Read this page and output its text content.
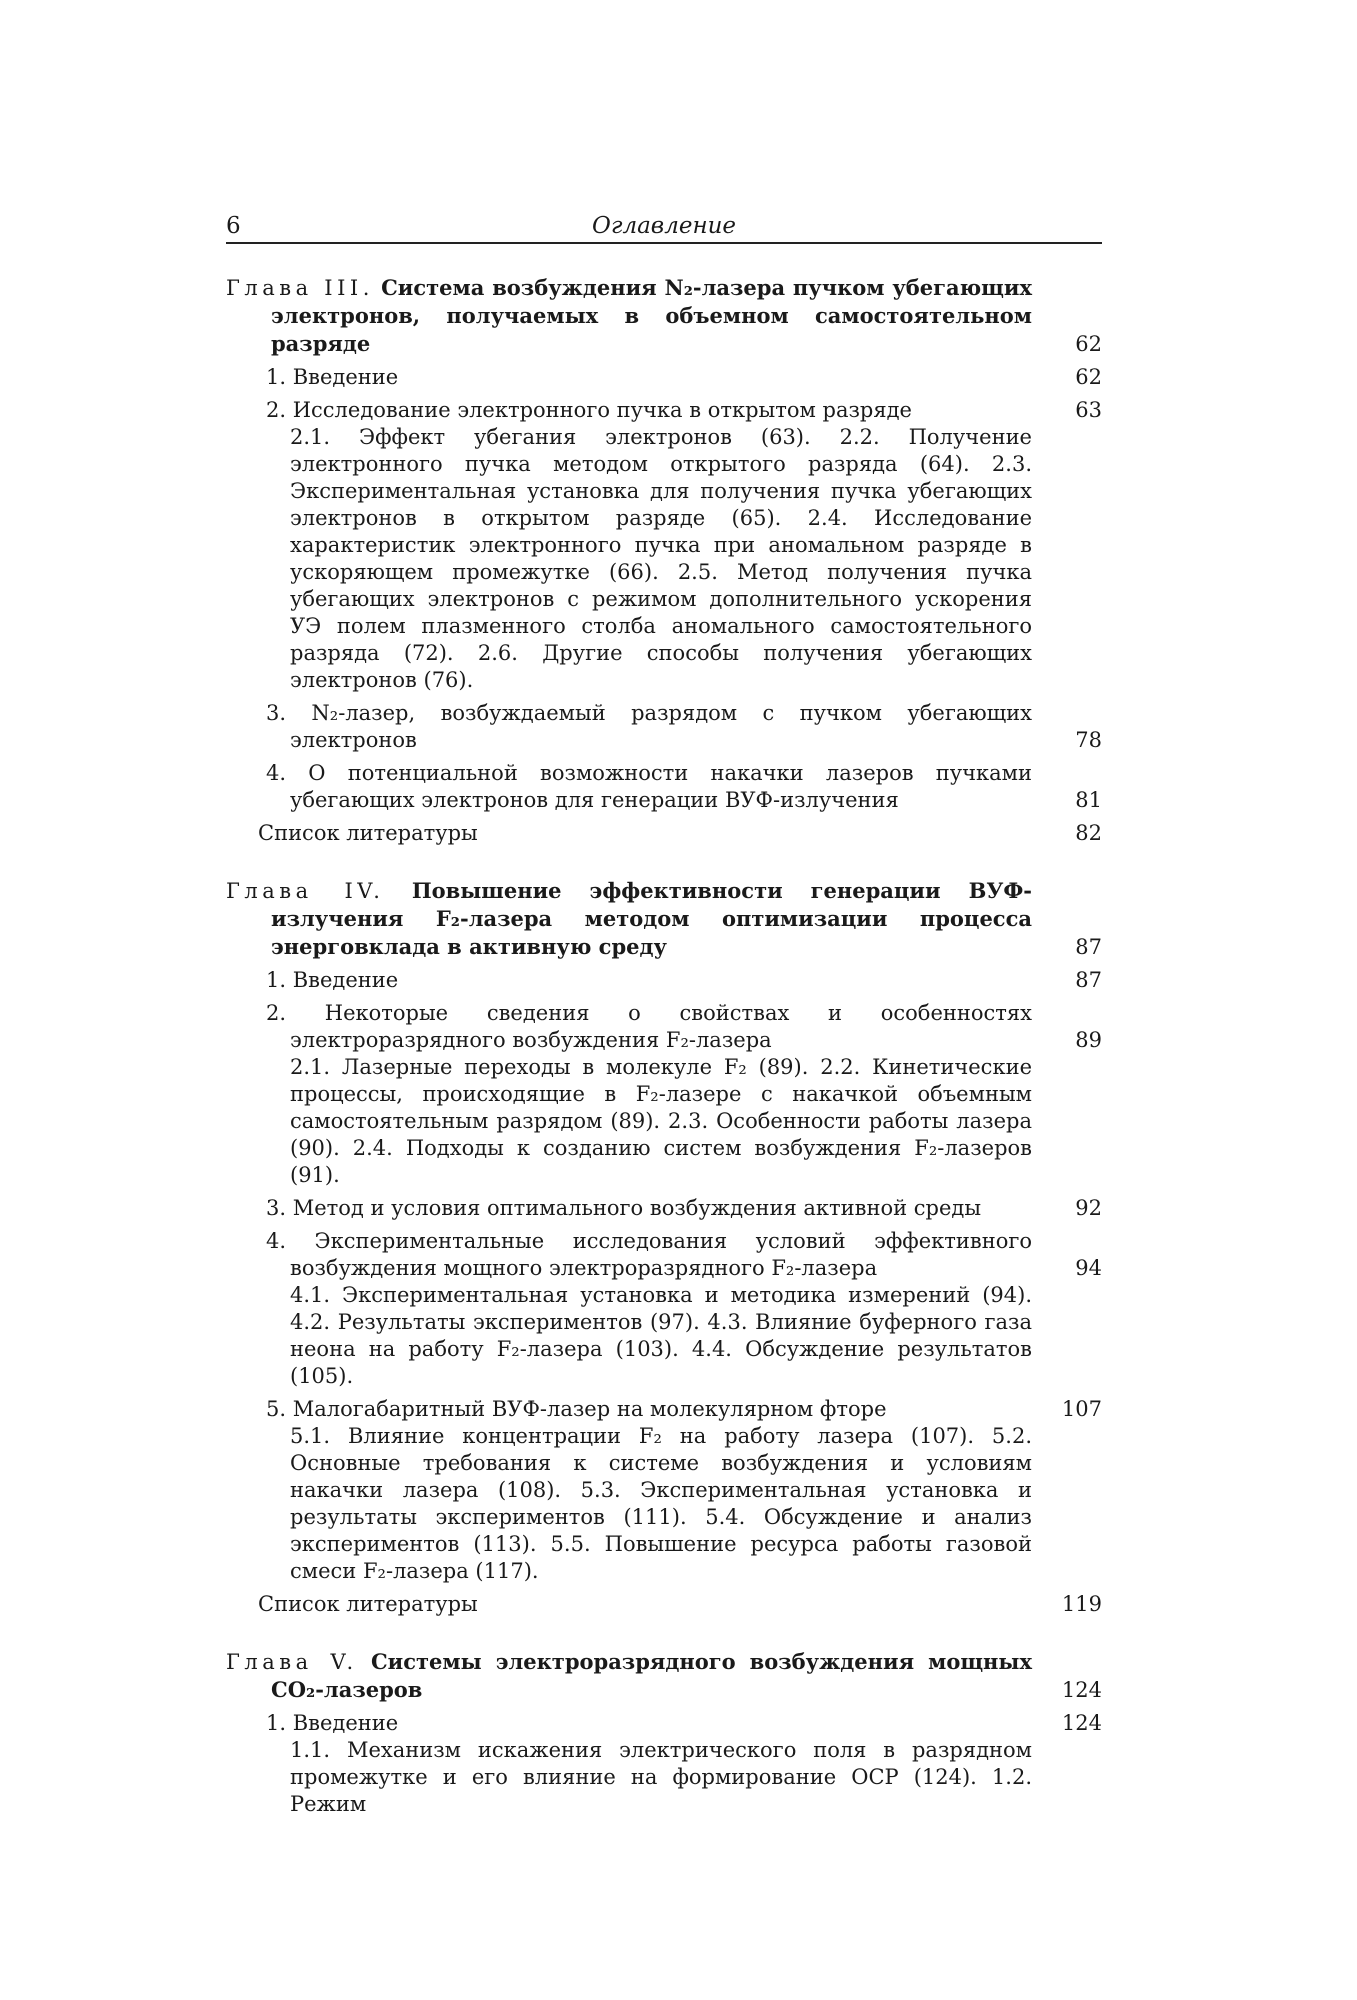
6	Оглавление
Глава III. Система возбуждения N₂-лазера пучком убегающих электронов, получаемых в объемном самостоятельном разряде	62
1. Введение	62
2. Исследование электронного пучка в открытом разряде	63
2.1. Эффект убегания электронов (63). 2.2. Получение электронного пучка методом открытого разряда (64). 2.3. Экспериментальная установка для получения пучка убегающих электронов в открытом разряде (65). 2.4. Исследование характеристик электронного пучка при аномальном разряде в ускоряющем промежутке (66). 2.5. Метод получения пучка убегающих электронов с режимом дополнительного ускорения УЭ полем плазменного столба аномального самостоятельного разряда (72). 2.6. Другие способы получения убегающих электронов (76).
3. N₂-лазер, возбуждаемый разрядом с пучком убегающих электронов	78
4. О потенциальной возможности накачки лазеров пучками убегающих электронов для генерации ВУФ-излучения	81
Список литературы	82
Глава IV. Повышение эффективности генерации ВУФ-излучения F₂-лазера методом оптимизации процесса энерговклада в активную среду	87
1. Введение	87
2. Некоторые сведения о свойствах и особенностях электроразрядного возбуждения F₂-лазера	89
2.1. Лазерные переходы в молекуле F₂ (89). 2.2. Кинетические процессы, происходящие в F₂-лазере с накачкой объемным самостоятельным разрядом (89). 2.3. Особенности работы лазера (90). 2.4. Подходы к созданию систем возбуждения F₂-лазеров (91).
3. Метод и условия оптимального возбуждения активной среды	92
4. Экспериментальные исследования условий эффективного возбуждения мощного электроразрядного F₂-лазера	94
4.1. Экспериментальная установка и методика измерений (94). 4.2. Результаты экспериментов (97). 4.3. Влияние буферного газа неона на работу F₂-лазера (103). 4.4. Обсуждение результатов (105).
5. Малогабаритный ВУФ-лазер на молекулярном фторе	107
5.1. Влияние концентрации F₂ на работу лазера (107). 5.2. Основные требования к системе возбуждения и условиям накачки лазера (108). 5.3. Экспериментальная установка и результаты экспериментов (111). 5.4. Обсуждение и анализ экспериментов (113). 5.5. Повышение ресурса работы газовой смеси F₂-лазера (117).
Список литературы	119
Глава V. Системы электроразрядного возбуждения мощных CO₂-лазеров	124
1. Введение	124
1.1. Механизм искажения электрического поля в разрядном промежутке и его влияние на формирование ОСР (124). 1.2. Режим
